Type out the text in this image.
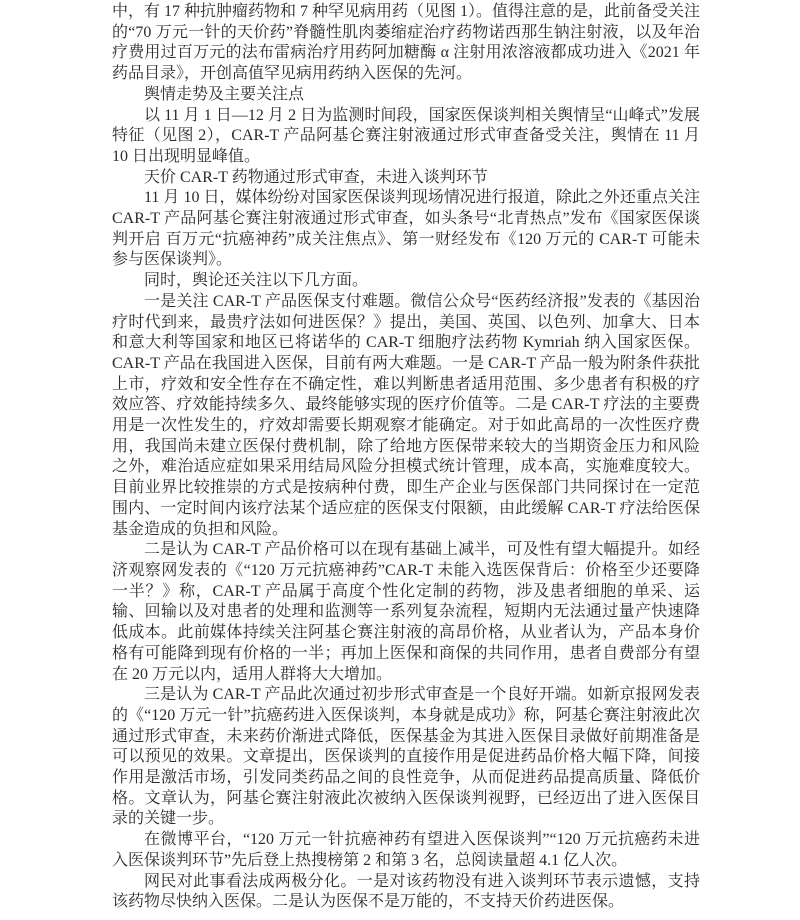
中，有 17 种抗肿瘤药物和 7 种罕见病用药（见图 1）。值得注意的是，此前备受关注的“70 万元一针的天价药”脊髓性肌肉萎缩症治疗药物诺西那生钠注射液，以及年治疗费用过百万元的法布雷病治疗用药阿加糖酶 α 注射用浓溶液都成功进入《2021 年药品目录》，开创高值罕见病用药纳入医保的先河。

舆情走势及主要关注点

以 11 月 1 日—12 月 2 日为监测时间段，国家医保谈判相关舆情呈“山峰式”发展特征（见图 2），CAR-T 产品阿基仑赛注射液通过形式审查备受关注，舆情在 11 月 10 日出现明显峰值。

天价 CAR-T 药物通过形式审查，未进入谈判环节

11 月 10 日，媒体纷纷对国家医保谈判现场情况进行报道，除此之外还重点关注 CAR-T 产品阿基仑赛注射液通过形式审查，如头条号“北青热点”发布《国家医保谈判开启 百万元“抗癌神药”成关注焦点》、第一财经发布《120 万元的 CAR-T 可能未参与医保谈判》。

同时，舆论还关注以下几方面。

一是关注 CAR-T 产品医保支付难题。微信公众号“医药经济报”发表的《基因治疗时代到来，最贵疗法如何进医保？》提出，美国、英国、以色列、加拿大、日本和意大利等国家和地区已将诺华的 CAR-T 细胞疗法药物 Kymriah 纳入国家医保。CAR-T 产品在我国进入医保，目前有两大难题。一是 CAR-T 产品一般为附条件获批上市，疗效和安全性存在不确定性，难以判断患者适用范围、多少患者有积极的疗效应答、疗效能持续多久、最终能够实现的医疗价值等。二是 CAR-T 疗法的主要费用是一次性发生的，疗效却需要长期观察才能确定。对于如此高昂的一次性医疗费用，我国尚未建立医保付费机制，除了给地方医保带来较大的当期资金压力和风险之外，难治适应症如果采用结局风险分担模式统计管理，成本高，实施难度较大。目前业界比较推崇的方式是按病种付费，即生产企业与医保部门共同探讨在一定范围内、一定时间内该疗法某个适应症的医保支付限额，由此缓解 CAR-T 疗法给医保基金造成的负担和风险。

二是认为 CAR-T 产品价格可以在现有基础上减半，可及性有望大幅提升。如经济观察网发表的《“120 万元抗癌神药”CAR-T 未能入选医保背后：价格至少还要降一半？》称，CAR-T 产品属于高度个性化定制的药物，涉及患者细胞的单采、运输、回输以及对患者的处理和监测等一系列复杂流程，短期内无法通过量产快速降低成本。此前媒体持续关注阿基仑赛注射液的高昂价格，从业者认为，产品本身价格有可能降到现有价格的一半；再加上医保和商保的共同作用，患者自费部分有望在 20 万元以内，适用人群将大大增加。

三是认为 CAR-T 产品此次通过初步形式审查是一个良好开端。如新京报网发表的《“120 万元一针”抗癌药进入医保谈判，本身就是成功》称，阿基仑赛注射液此次通过形式审查，未来药价渐进式降低，医保基金为其进入医保目录做好前期准备是可以预见的效果。文章提出，医保谈判的直接作用是促进药品价格大幅下降，间接作用是激活市场，引发同类药品之间的良性竞争，从而促进药品提高质量、降低价格。文章认为，阿基仑赛注射液此次被纳入医保谈判视野，已经迈出了进入医保目录的关键一步。

在微博平台，“120 万元一针抗癌神药有望进入医保谈判”“120 万元抗癌药未进入医保谈判环节”先后登上热搜榜第 2 和第 3 名，总阅读量超 4.1 亿人次。

网民对此事看法成两极分化。一是对该药物没有进入谈判环节表示遗憾，支持该药物尽快纳入医保。二是认为医保不是万能的，不支持天价药进医保。
